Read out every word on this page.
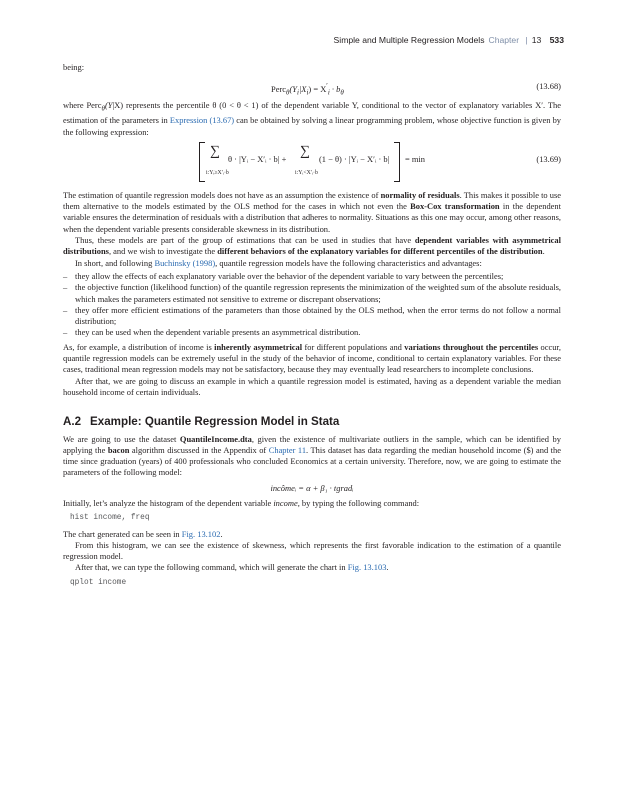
Simple and Multiple Regression Models Chapter | 13 533

being:

$Perc_\theta(Y_i|X_i) = X'_i \cdot b_\theta$
(13.68)

where Perc$_\theta$(Y|X) represents the percentile θ (0 < θ < 1) of the dependent variable Y, conditional to the vector of explanatory variables X′. The estimation of the parameters in Expression (13.67) can be obtained by solving a linear programming problem, whose objective function is given by the following expression:

∑
i:Yᵢ≥X′ᵢ·b
θ · |Yᵢ − X′ᵢ · b| + ∑
i:Yᵢ<X′ᵢ·b
(1 − θ) · |Yᵢ − X′ᵢ · b| = min	(13.69)

The estimation of quantile regression models does not have as an assumption the existence of normality of residuals. This makes it possible to use them alternative to the models estimated by the OLS method for the cases in which not even the Box-Cox transformation in the dependent variable ensures the determination of residuals with a distribution that adheres to normality. Situations as this one may occur, among other reasons, when the dependent variable presents considerable skewness in its distribution.

Thus, these models are part of the group of estimations that can be used in studies that have dependent variables with asymmetrical distributions, and we wish to investigate the different behaviors of the explanatory variables for different percentiles of the distribution.

In short, and following Buchinsky (1998), quantile regression models have the following characteristics and advantages:

– they allow the effects of each explanatory variable over the behavior of the dependent variable to vary between the percentiles;
– the objective function (likelihood function) of the quantile regression represents the minimization of the weighted sum of the absolute residuals, which makes the parameters estimated not sensitive to extreme or discrepant observations;
– they offer more efficient estimations of the parameters than those obtained by the OLS method, when the error terms do not follow a normal distribution;
– they can be used when the dependent variable presents an asymmetrical distribution.

As, for example, a distribution of income is inherently asymmetrical for different populations and variations throughout the percentiles occur, quantile regression models can be extremely useful in the study of the behavior of income, conditional to certain explanatory variables. For these cases, traditional mean regression models may not be satisfactory, because they may eventually lead researchers to incomplete conclusions.

After that, we are going to discuss an example in which a quantile regression model is estimated, having as a dependent variable the median household income of certain individuals.

A.2 Example: Quantile Regression Model in Stata

We are going to use the dataset QuantileIncome.dta, given the existence of multivariate outliers in the sample, which can be identified by applying the bacon algorithm discussed in the Appendix of Chapter 11. This dataset has data regarding the median household income ($) and the time since graduation (years) of 400 professionals who concluded Economics at a certain university. Therefore, now, we are going to estimate the parameters of the following model:

incômeᵢ = α + β₁ · tgradᵢ

Initially, let’s analyze the histogram of the dependent variable income, by typing the following command:

hist income, freq

The chart generated can be seen in Fig. 13.102.

From this histogram, we can see the existence of skewness, which represents the first favorable indication to the estimation of a quantile regression model.

After that, we can type the following command, which will generate the chart in Fig. 13.103.

qplot income
